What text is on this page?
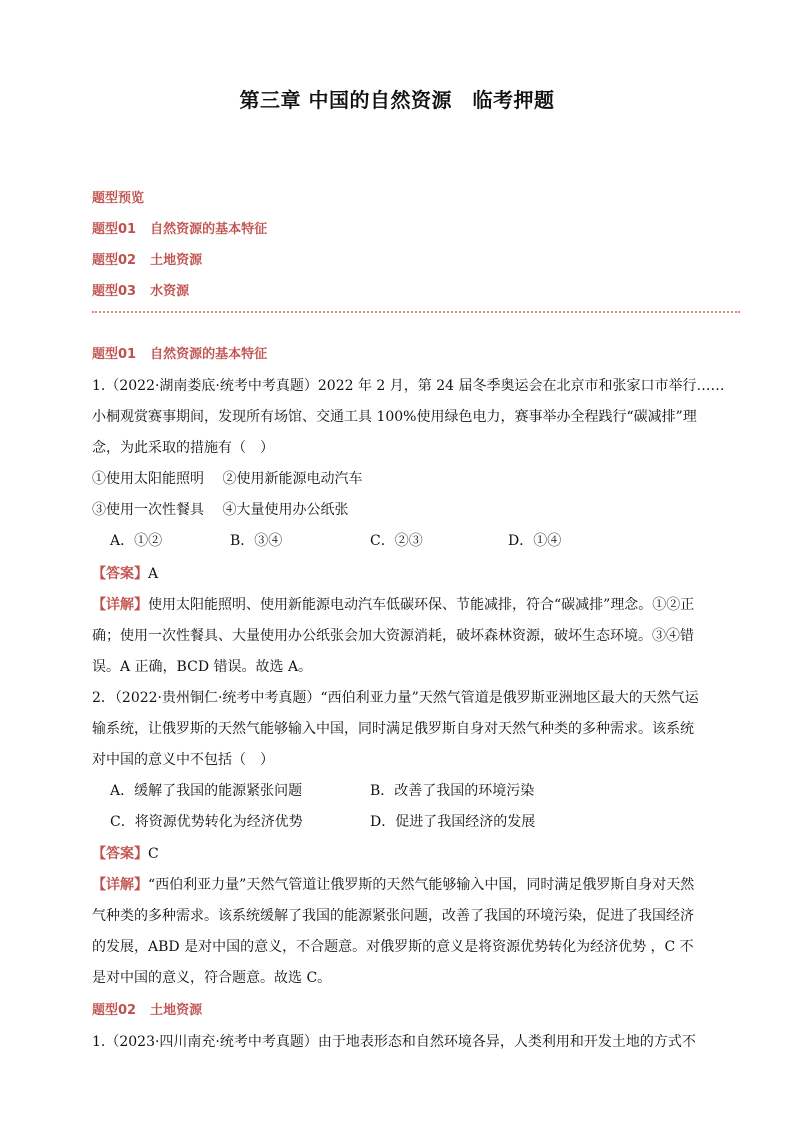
第三章 中国的自然资源　临考押题
题型预览
题型01 自然资源的基本特征
题型02 土地资源
题型03 水资源
题型01 自然资源的基本特征
1.（2022·湖南娄底·统考中考真题）2022 年 2 月，第 24 届冬季奥运会在北京市和张家口市举行……
小桐观赏赛事期间，发现所有场馆、交通工具 100%使用绿色电力，赛事举办全程践行“碳减排”理
念，为此采取的措施有（　）
①使用太阳能照明　 ②使用新能源电动汽车
③使用一次性餐具　 ④大量使用办公纸张
A．①②	B．③④	C．②③	D．①④
【答案】A
【详解】使用太阳能照明、使用新能源电动汽车低碳环保、节能减排，符合“碳减排”理念。①②正
确；使用一次性餐具、大量使用办公纸张会加大资源消耗，破坏森林资源，破坏生态环境。③④错
误。A 正确，BCD 错误。故选 A。
2．（2022·贵州铜仁·统考中考真题）“西伯利亚力量”天然气管道是俄罗斯亚洲地区最大的天然气运
输系统，让俄罗斯的天然气能够输入中国，同时满足俄罗斯自身对天然气种类的多种需求。该系统
对中国的意义中不包括（　）
A．缓解了我国的能源紧张问题	B．改善了我国的环境污染
C．将资源优势转化为经济优势	D．促进了我国经济的发展
【答案】C
【详解】“西伯利亚力量”天然气管道让俄罗斯的天然气能够输入中国，同时满足俄罗斯自身对天然
气种类的多种需求。该系统缓解了我国的能源紧张问题，改善了我国的环境污染，促进了我国经济
的发展，ABD 是对中国的意义，不合题意。对俄罗斯的意义是将资源优势转化为经济优势 ，C 不
是对中国的意义，符合题意。故选 C。
题型02 土地资源
1.（2023·四川南充·统考中考真题）由于地表形态和自然环境各异，人类利用和开发土地的方式不
